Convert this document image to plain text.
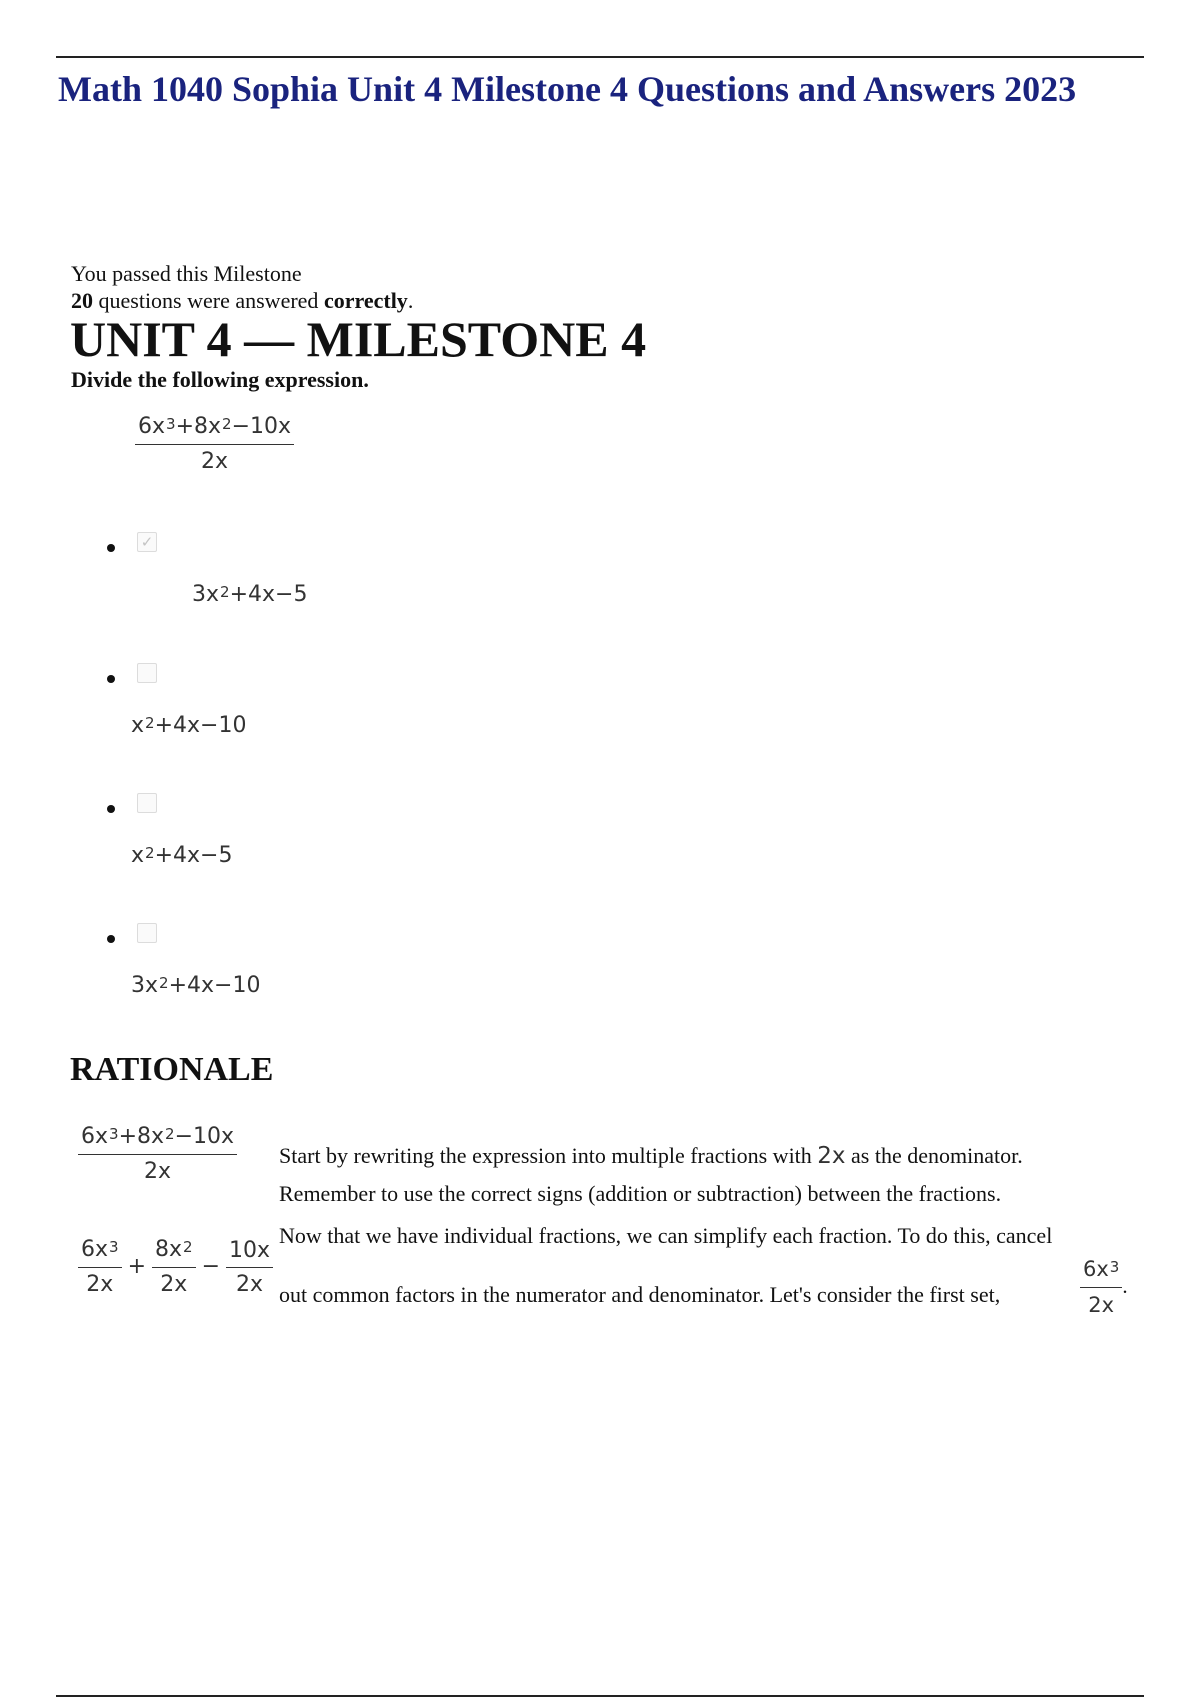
Math 1040 Sophia Unit 4 Milestone 4 Questions and Answers 2023
You passed this Milestone
20 questions were answered correctly.
UNIT 4 — MILESTONE 4
Divide the following expression.
$\frac{6x^3+8x^2-10x}{2x}$
✓
$3x^2+4x-5$
$x^2+4x-10$
$x^2+4x-5$
$3x^2+4x-10$
RATIONALE
$\frac{6x^3+8x^2-10x}{2x}$
$\frac{6x^3}{2x} + \frac{8x^2}{2x} - \frac{10x}{2x}$
Start by rewriting the expression into multiple fractions with 2x as the denominator.
Remember to use the correct signs (addition or subtraction) between the fractions.
Now that we have individual fractions, we can simplify each fraction. To do this, cancel
out common factors in the numerator and denominator. Let's consider the first set,	$\frac{6x^3}{2x}$ .
